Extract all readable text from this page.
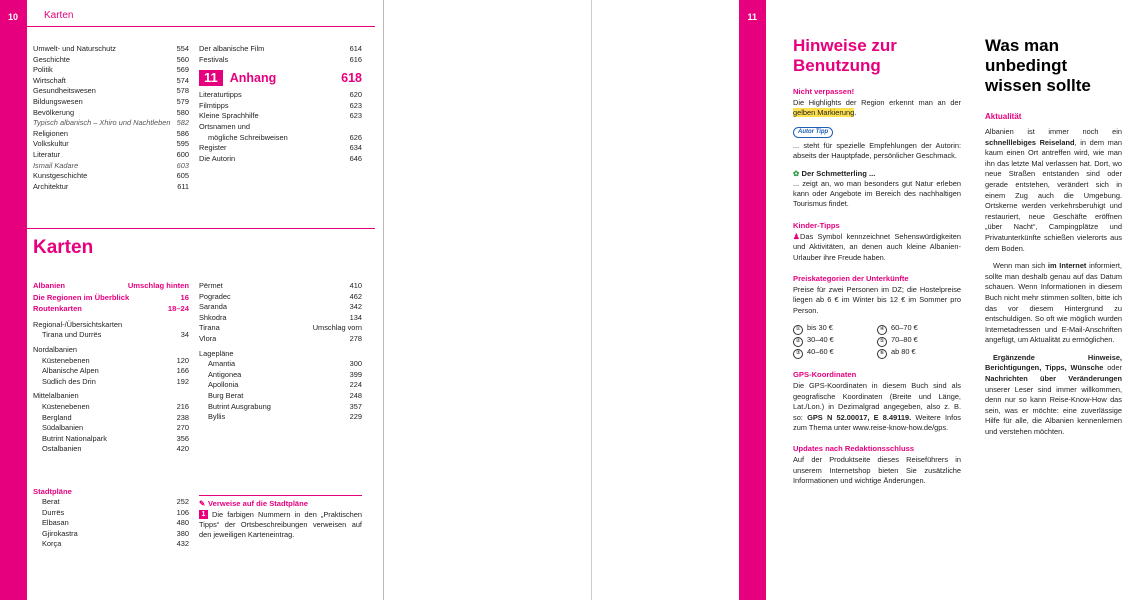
10	Karten
Umwelt- und Naturschutz	554
Geschichte	560
Politik	569
Wirtschaft	574
Gesundheitswesen	578
Bildungswesen	579
Bevölkerung	580
Typisch albanisch – Xhiro und Nachtleben 582
Religionen	586
Volkskultur	595
Literatur	600
Ismail Kadare	603
Kunstgeschichte	605
Architektur	611
Der albanische Film	614
Festivals	616
11 Anhang	618
Literaturtipps	620
Filmtipps	623
Kleine Sprachhilfe	623
Ortsnamen und
mögliche Schreibweisen	626
Register	634
Die Autorin	646
Karten
Albanien	Umschlag hinten
Die Regionen im Überblick	16
Routenkarten	18–24
Regional-/Übersichtskarten
Tirana und Durrës	34
Nordalbanien
Küstenebenen	120
Albanische Alpen	166
Südlich des Drin	192
Mittelalbanien
Küstenebenen	216
Bergland	238
Südalbanien	270
Butrint Nationalpark	356
Ostalbanien	420
Stadtpläne
Berat	252
Durrës	106
Elbasan	480
Gjirokastra	380
Korça	432
Përmet	410
Pogradec	462
Saranda	342
Shkodra	134
Tirana	Umschlag vorn
Vlora	278
Lagepläne
Amantia	300
Antigonea	399
Apollonia	224
Burg Berat	248
Butrint Ausgrabung	357
Byllis	229
✎ Verweise auf die Stadtpläne
1 Die farbigen Nummern in den „Praktischen Tipps“ der Ortsbeschreibungen verweisen auf den jeweiligen Karteneintrag.
11
Hinweise zur Benutzung
Nicht verpassen!
Die Highlights der Region erkennt man an der gelben Markierung.
Autor Tipp
... steht für spezielle Empfehlungen der Autorin: abseits der Hauptpfade, persönlicher Geschmack.
✿ Der Schmetterling ...
... zeigt an, wo man besonders gut Natur erleben kann oder Angebote im Bereich des nachhaltigen Tourismus findet.
Kinder-Tipps
♟Das Symbol kennzeichnet Sehenswürdigkeiten und Aktivitäten, an denen auch kleine Albanien-Urlauber ihre Freude haben.
Preiskategorien der Unterkünfte
Preise für zwei Personen im DZ; die Hostelpreise liegen ab 6 € im Winter bis 12 € im Sommer pro Person.
① bis 30 €	④ 60–70 €
② 30–40 €	⑤ 70–80 €
③ 40–60 €	⑥ ab 80 €
GPS-Koordinaten
Die GPS-Koordinaten in diesem Buch sind als geografische Koordinaten (Breite und Länge, Lat./Lon.) in Dezimalgrad angegeben, also z. B. so: GPS N 52.00017, E 8.49119. Weitere Infos zum Thema unter www.reise-know-how.de/gps.
Updates nach Redaktionsschluss
Auf der Produktseite dieses Reiseführers in unserem Internetshop bieten Sie zusätzliche Informationen und wichtige Änderungen.
Was man unbedingt wissen sollte
Aktualität
Albanien ist immer noch ein schnelllebiges Reiseland, in dem man kaum einen Ort antreffen wird, wie man ihn das letzte Mal verlassen hat. Dort, wo neue Straßen entstanden sind oder gerade entstehen, verändert sich in einem Zug auch die Umgebung. Ortskerne werden verkehrsberuhigt und restauriert, neue Geschäfte eröffnen „über Nacht“, Campingplätze und Privatunterkünfte schießen vielerorts aus dem Boden.
Wenn man sich im Internet informiert, sollte man deshalb genau auf das Datum schauen. Wenn Informationen in diesem Buch nicht mehr stimmen sollten, bitte ich das vor diesem Hintergrund zu entschuldigen. So oft wie möglich wurden Internetadressen und E-Mail-Anschriften angefügt, um Aktualität zu ermöglichen.
Ergänzende Hinweise, Berichtigungen, Tipps, Wünsche oder Nachrichten über Veränderungen unserer Leser sind immer willkommen, denn nur so kann Reise-Know-How das sein, was er möchte: eine zuverlässige Hilfe für alle, die Albanien kennenlernen und verstehen möchten.
